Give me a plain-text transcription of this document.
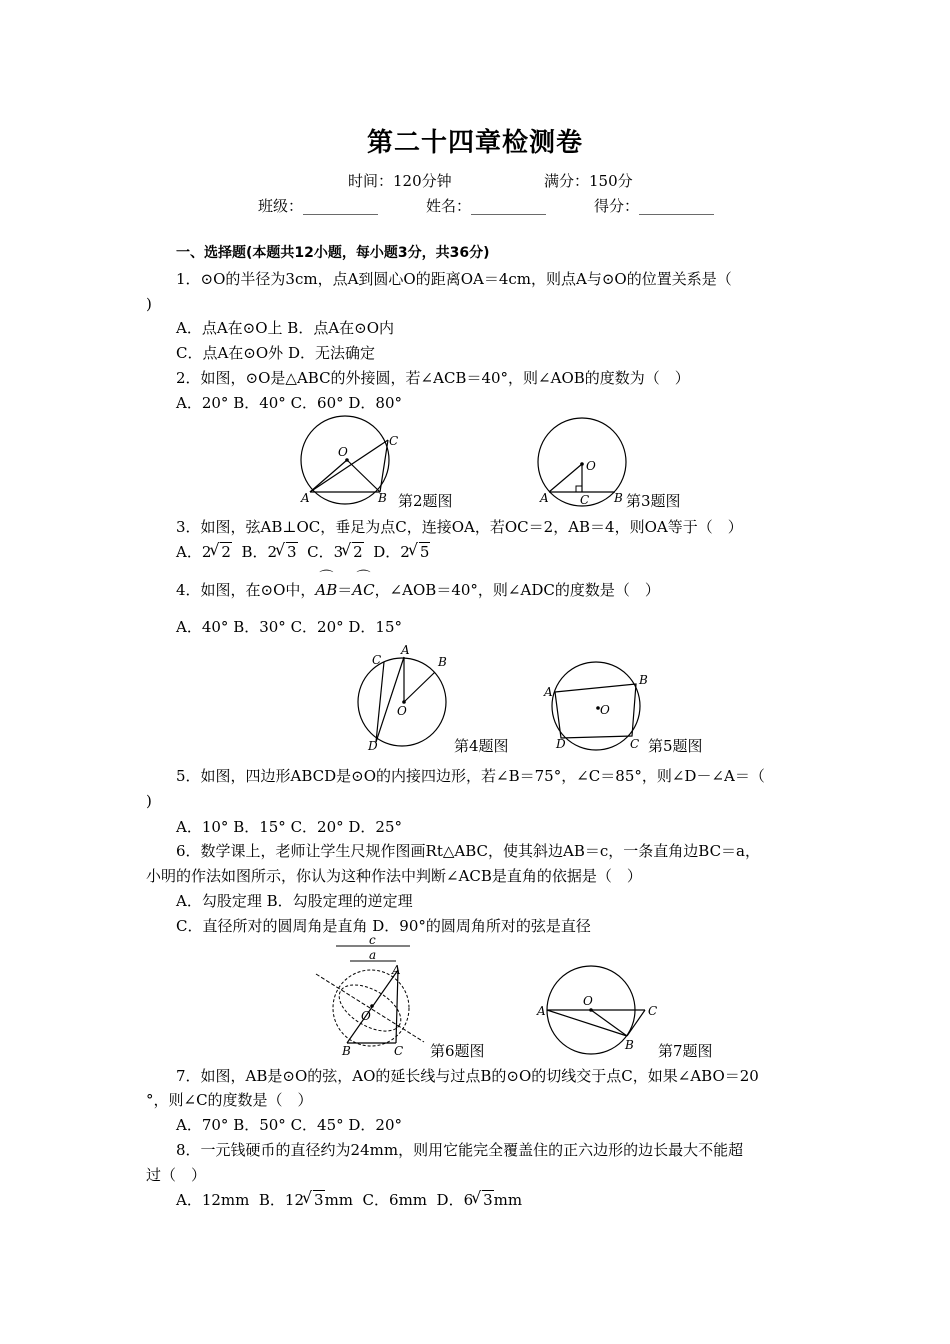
第二十四章检测卷
时间：120分钟	满分：150分
班级：__________	姓名：__________	得分：__________
一、选择题(本题共12小题，每小题3分，共36分)
1．⊙O的半径为3cm，点A到圆心O的距离OA＝4cm，则点A与⊙O的位置关系是（
)
A．点A在⊙O上 B．点A在⊙O内
C．点A在⊙O外 D．无法确定
2．如图，⊙O是△ABC的外接圆，若∠ACB＝40°，则∠AOB的度数为（　）
A．20° B．40° C．60° D．80°
O
A	B
C
第2题图
O
A	C B 第3题图
3．如图，弦AB⊥OC，垂足为点C，连接OA，若OC＝2，AB＝4，则OA等于（　）
A．2 √ 2  B．2 √ 3  C．3 √ 2  D．2 √ 5
4．如图，在⊙O中，⌒ AB＝⌒ AC，∠AOB＝40°，则∠ADC的度数是（　）
A．40° B．30° C．20° D．15°
C
A
B
O
D	第4题图
O
A
B
C
D	第5题图
5．如图，四边形ABCD是⊙O的内接四边形，若∠B＝75°，∠C＝85°，则∠D－∠A＝（
)
A．10° B．15° C．20° D．25°
6．数学课上，老师让学生尺规作图画Rt△ABC，使其斜边AB＝c，一条直角边BC＝a，
小明的作法如图所示，你认为这种作法中判断∠ACB是直角的依据是（　）
A．勾股定理 B．勾股定理的逆定理
C．直径所对的圆周角是直角 D．90°的圆周角所对的弦是直径
c
a
A
O
B	C 第6题图
O
A	C
B 第7题图
7．如图，AB是⊙O的弦，AO的延长线与过点B的⊙O的切线交于点C，如果∠ABO＝20
°，则∠C的度数是（　）
A．70° B．50° C．45° D．20°
8．一元钱硬币的直径约为24mm，则用它能完全覆盖住的正六边形的边长最大不能超
过（　）
A．12mm  B．12 √ 3mm  C．6mm  D．6 √ 3mm
